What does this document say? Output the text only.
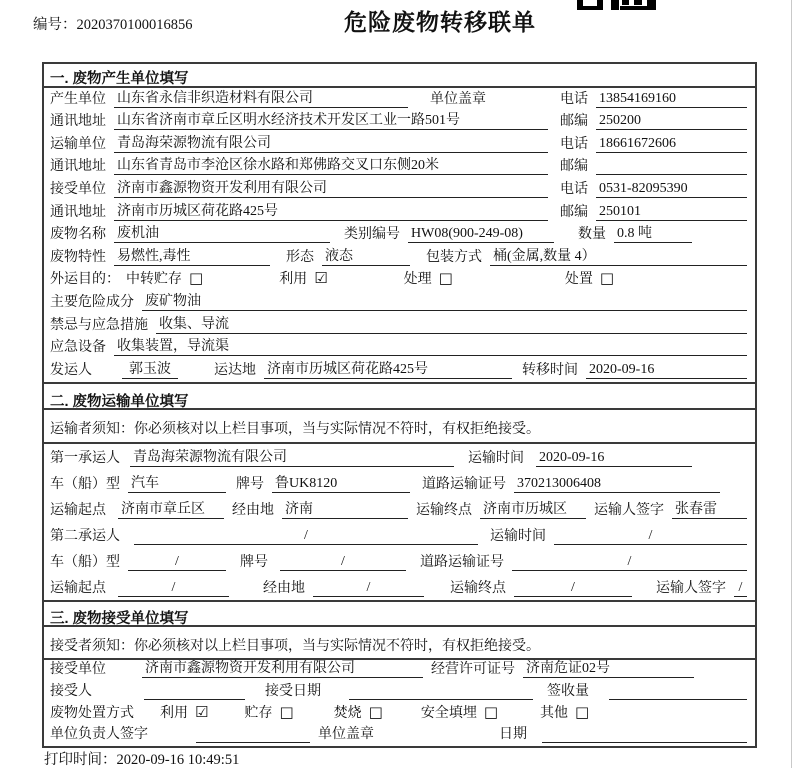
编号：2020370100016856	危险废物转移联单
一. 废物产生单位填写
产生单位 山东省永信非织造材料有限公司	单位盖章	电话 13854169160
通讯地址 山东省济南市章丘区明水经济技术开发区工业一路501号	邮编 250200
运输单位 青岛海荣源物流有限公司	电话 18661672606
通讯地址 山东省青岛市李沧区徐水路和郑佛路交叉口东侧20米	邮编
接受单位 济南市鑫源物资开发利用有限公司	电话 0531-82095390
通讯地址 济南市历城区荷花路425号	邮编 250101
废物名称 废机油	类别编号 HW08(900-249-08)	数量 0.8 吨
废物特性 易燃性,毒性	形态 液态	包装方式 桶(金属,数量 4）
外运目的： 中转贮存 □	利用 ☑	处理 □	处置 □
主要危险成分 废矿物油
禁忌与应急措施 收集、导流
应急设备 收集装置，导流渠
发运人	郭玉波	运达地 济南市历城区荷花路425号	转移时间 2020-09-16
二. 废物运输单位填写
运输者须知：你必须核对以上栏目事项，当与实际情况不符时，有权拒绝接受。
第一承运人 青岛海荣源物流有限公司	运输时间 2020-09-16
车（船）型 汽车	牌号 鲁UK8120	道路运输证号 370213006408
运输起点 济南市章丘区	经由地 济南	运输终点 济南市历城区	运输人签字 张春雷
第二承运人	/	运输时间	/
车（船）型	/	牌号	/	道路运输证号	/
运输起点	/	经由地	/	运输终点	/	运输人签字 /
三. 废物接受单位填写
接受者须知：你必须核对以上栏目事项，当与实际情况不符时，有权拒绝接受。
接受单位	济南市鑫源物资开发利用有限公司	经营许可证号 济南危证02号
接受人	接受日期	签收量
废物处置方式 利用 ☑	贮存 □	焚烧 □	安全填埋 □	其他 □
单位负责人签字	单位盖章	日期
打印时间：2020-09-16 10:49:51
